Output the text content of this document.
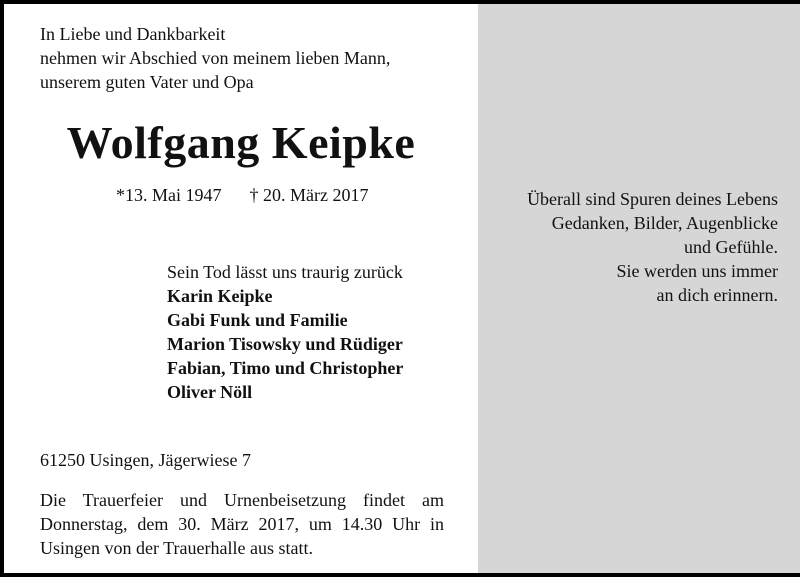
In Liebe und Dankbarkeit
nehmen wir Abschied von meinem lieben Mann,
unserem guten Vater und Opa
Wolfgang Keipke
*13. Mai 1947 † 20. März 2017
Sein Tod lässt uns traurig zurück
Karin Keipke
Gabi Funk und Familie
Marion Tisowsky und Rüdiger
Fabian, Timo und Christopher
Oliver Nöll
61250 Usingen, Jägerwiese 7
Die Trauerfeier und Urnenbeisetzung findet am
Donnerstag, dem 30. März 2017, um 14.30 Uhr in
Usingen von der Trauerhalle aus statt.
Überall sind Spuren deines Lebens
Gedanken, Bilder, Augenblicke
und Gefühle.
Sie werden uns immer
an dich erinnern.
